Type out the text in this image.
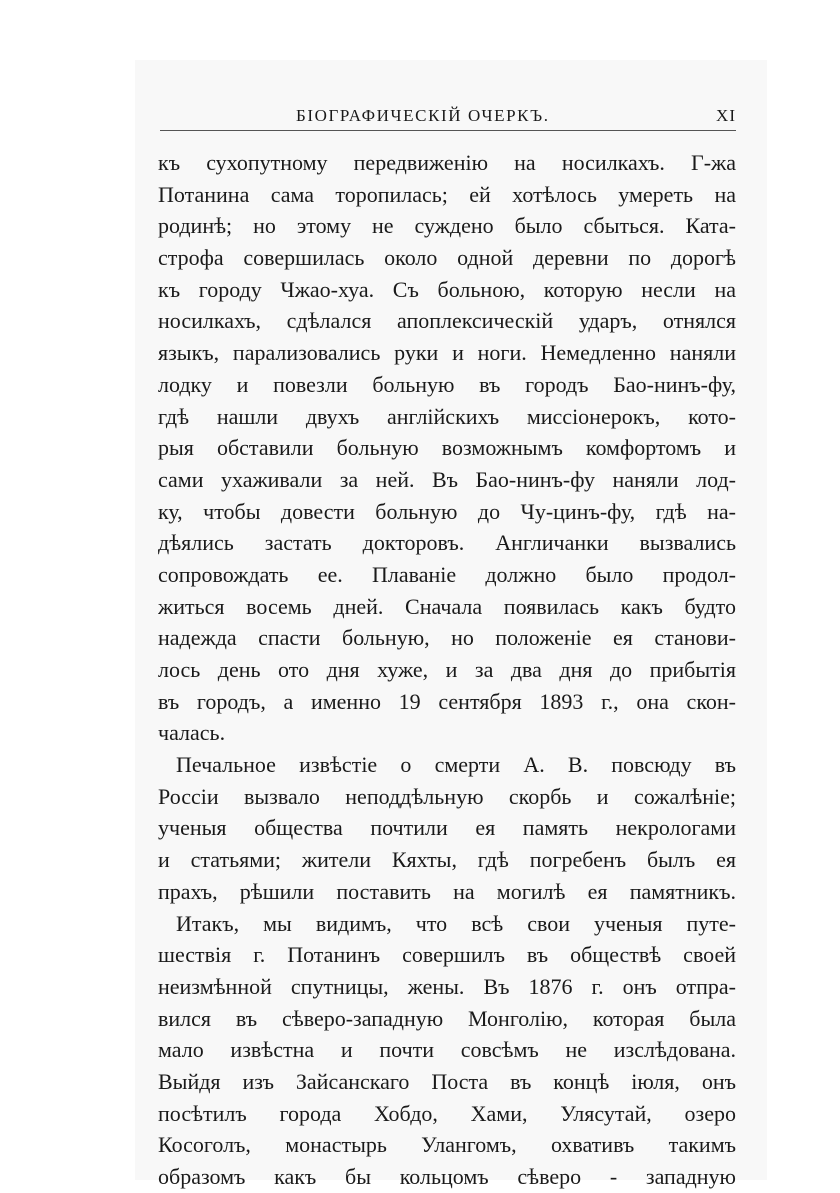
БІОГРАФИЧЕСКІЙ ОЧЕРКЪ.	XI
къ сухопутному передвиженію на носилкахъ. Г-жа
Потанина сама торопилась; ей хотѣлось умереть на
родинѣ; но этому не суждено было сбыться. Ката-
строфа совершилась около одной деревни по дорогѣ
къ городу Чжао-хуа. Съ больною, которую несли на
носилкахъ, сдѣлался апоплексическій ударъ, отнялся
языкъ, парализовались руки и ноги. Немедленно наняли
лодку и повезли больную въ городъ Бао-нинъ-фу,
гдѣ нашли двухъ англійскихъ миссіонерокъ, кото-
рыя обставили больную возможнымъ комфортомъ и
сами ухаживали за ней. Въ Бао-нинъ-фу наняли лод-
ку, чтобы довести больную до Чу-цинъ-фу, гдѣ на-
дѣялись застать докторовъ. Англичанки вызвались
сопровождать ее. Плаваніе должно было продол-
житься восемь дней. Сначала появилась какъ будто
надежда спасти больную, но положеніе ея станови-
лось день ото дня хуже, и за два дня до прибытія
въ городъ, а именно 19 сентября 1893 г., она скон-
чалась.
Печальное извѣстіе о смерти А. В. повсюду въ
Россіи вызвало неподдѣльную скорбь и сожалѣніе;
ученыя общества почтили ея память некрологами
и статьями; жители Кяхты, гдѣ погребенъ былъ ея
прахъ, рѣшили поставить на могилѣ ея памятникъ.
Итакъ, мы видимъ, что всѣ свои ученыя путе-
шествія г. Потанинъ совершилъ въ обществѣ своей
неизмѣнной спутницы, жены. Въ 1876 г. онъ отпра-
вился въ сѣверо-западную Монголію, которая была
мало извѣстна и почти совсѣмъ не изслѣдована.
Выйдя изъ Зайсанскаго Поста въ концѣ іюля, онъ
посѣтилъ города Хобдо, Хами, Улясутай, озеро
Косоголъ, монастырь Улангомъ, охвативъ такимъ
образомъ какъ бы кольцомъ сѣверо - западную
